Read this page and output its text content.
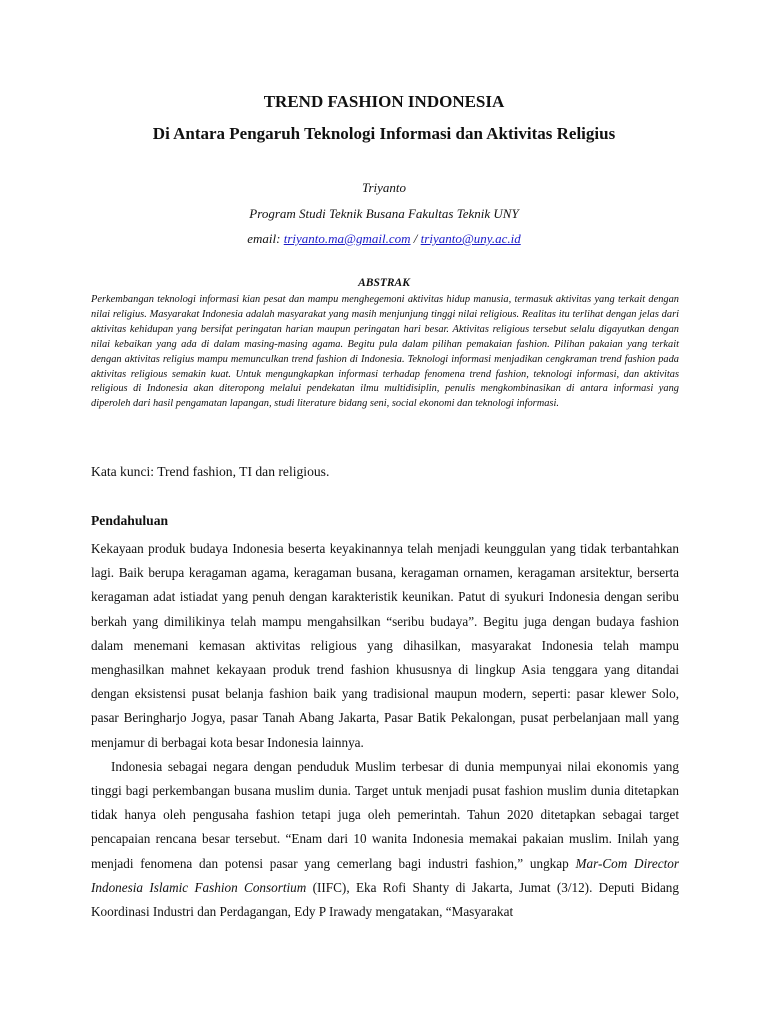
TREND FASHION INDONESIA
Di Antara Pengaruh Teknologi Informasi dan Aktivitas Religius

Triyanto

Program Studi Teknik Busana Fakultas Teknik UNY

email: triyanto.ma@gmail.com / triyanto@uny.ac.id

ABSTRAK

Perkembangan teknologi informasi kian pesat dan mampu menghegemoni aktivitas hidup manusia, termasuk aktivitas yang terkait dengan nilai religius. Masyarakat Indonesia adalah masyarakat yang masih menjunjung tinggi nilai religious. Realitas itu terlihat dengan jelas dari aktivitas kehidupan yang bersifat peringatan harian maupun peringatan hari besar. Aktivitas religious tersebut selalu digayutkan dengan nilai kebaikan yang ada di dalam masing-masing agama. Begitu pula dalam pilihan pemakaian fashion. Pilihan pakaian yang terkait dengan aktivitas religius mampu memunculkan trend fashion di Indonesia. Teknologi informasi menjadikan cengkraman trend fashion pada aktivitas religious semakin kuat. Untuk mengungkapkan informasi terhadap fenomena trend fashion, teknologi informasi, dan aktivitas religious di Indonesia akan diteropong melalui pendekatan ilmu multidisiplin, penulis mengkombinasikan di antara informasi yang diperoleh dari hasil pengamatan lapangan, studi literature bidang seni, social ekonomi dan teknologi informasi.

Kata kunci: Trend fashion, TI dan religious.

Pendahuluan

Kekayaan produk budaya Indonesia beserta keyakinannya telah menjadi keunggulan yang tidak terbantahkan lagi. Baik berupa keragaman agama, keragaman busana, keragaman ornamen, keragaman arsitektur, berserta keragaman adat istiadat yang penuh dengan karakteristik keunikan. Patut di syukuri Indonesia dengan seribu berkah yang dimilikinya telah mampu mengahsilkan “seribu budaya”. Begitu juga dengan budaya fashion dalam menemani kemasan aktivitas religious yang dihasilkan, masyarakat Indonesia telah mampu menghasilkan mahnet kekayaan produk trend fashion khususnya di lingkup Asia tenggara yang ditandai dengan eksistensi pusat belanja fashion baik yang tradisional maupun modern, seperti: pasar klewer Solo, pasar Beringharjo Jogya, pasar Tanah Abang Jakarta, Pasar Batik Pekalongan, pusat perbelanjaan mall yang menjamur di berbagai kota besar Indonesia lainnya.

Indonesia sebagai negara dengan penduduk Muslim terbesar di dunia mempunyai nilai ekonomis yang tinggi bagi perkembangan busana muslim dunia. Target untuk menjadi pusat fashion muslim dunia ditetapkan tidak hanya oleh pengusaha fashion tetapi juga oleh pemerintah. Tahun 2020 ditetapkan sebagai target pencapaian rencana besar tersebut. “Enam dari 10 wanita Indonesia memakai pakaian muslim. Inilah yang menjadi fenomena dan potensi pasar yang cemerlang bagi industri fashion,” ungkap Mar-Com Director Indonesia Islamic Fashion Consortium (IIFC), Eka Rofi Shanty di Jakarta, Jumat (3/12). Deputi Bidang Koordinasi Industri dan Perdagangan, Edy P Irawady mengatakan, “Masyarakat
